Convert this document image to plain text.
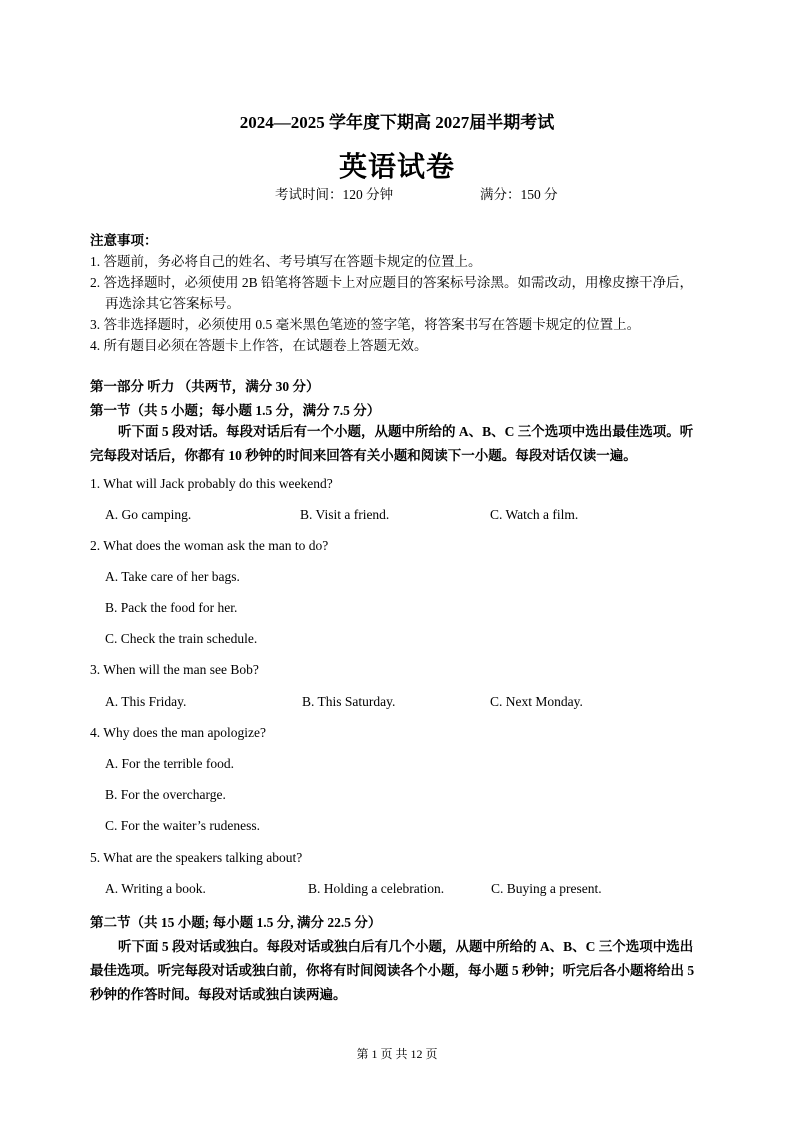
2024—2025 学年度下期高 2027届半期考试
英语试卷
考试时间：120 分钟	满分：150 分
注意事项：
1. 答题前，务必将自己的姓名、考号填写在答题卡规定的位置上。
2. 答选择题时，必须使用 2B 铅笔将答题卡上对应题目的答案标号涂黑。如需改动，用橡皮擦干净后，
再选涂其它答案标号。
3. 答非选择题时，必须使用 0.5 毫米黑色笔迹的签字笔，将答案书写在答题卡规定的位置上。
4. 所有题目必须在答题卡上作答，在试题卷上答题无效。
第一部分 听力 （共两节，满分 30 分）
第一节（共 5 小题；每小题 1.5 分，满分 7.5 分）
听下面 5 段对话。每段对话后有一个小题，从题中所给的 A、B、C 三个选项中选出最佳选项。听完每段对话后，你都有 10 秒钟的时间来回答有关小题和阅读下一小题。每段对话仅读一遍。
1. What will Jack probably do this weekend?
A. Go camping.	B. Visit a friend.	C. Watch a film.
2. What does the woman ask the man to do?
A. Take care of her bags.
B. Pack the food for her.
C. Check the train schedule.
3. When will the man see Bob?
A. This Friday.	B. This Saturday.	C. Next Monday.
4. Why does the man apologize?
A. For the terrible food.
B. For the overcharge.
C. For the waiter’s rudeness.
5. What are the speakers talking about?
A. Writing a book.	B. Holding a celebration.	C. Buying a present.
第二节（共 15 小题; 每小题 1.5 分, 满分 22.5 分）
听下面 5 段对话或独白。每段对话或独白后有几个小题，从题中所给的 A、B、C 三个选项中选出最佳选项。听完每段对话或独白前，你将有时间阅读各个小题，每小题 5 秒钟；听完后各小题将给出 5 秒钟的作答时间。每段对话或独白读两遍。
第 1 页 共 12 页
